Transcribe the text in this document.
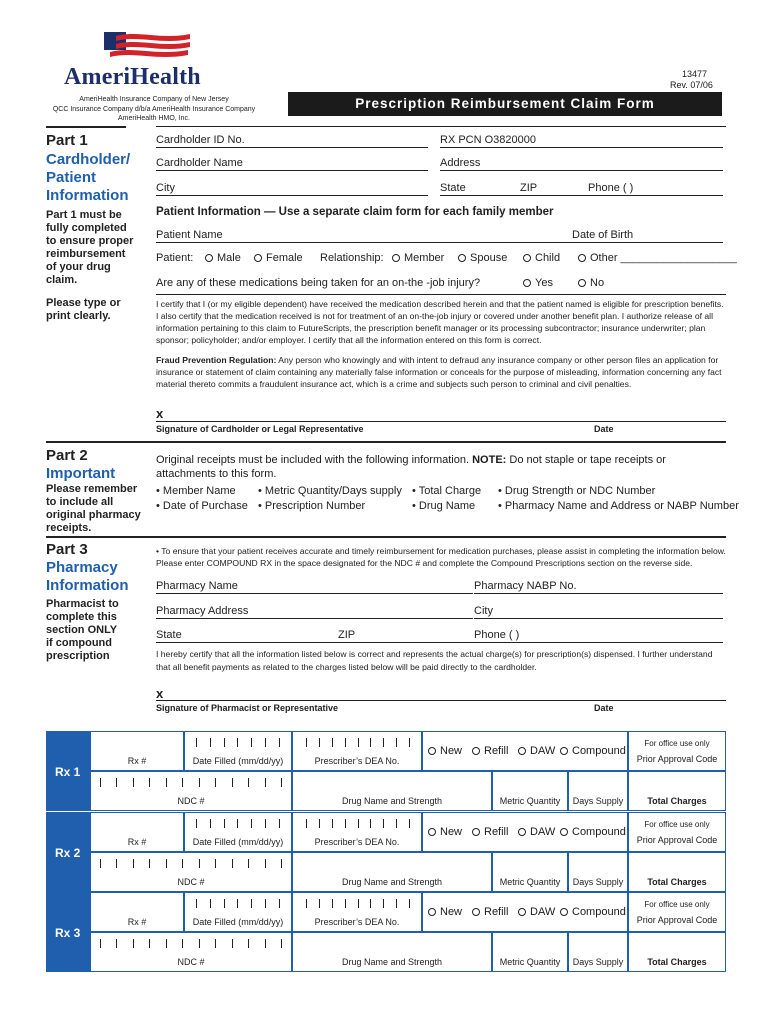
AmeriHealth
AmeriHealth Insurance Company of New Jersey
QCC Insurance Company d/b/a AmeriHealth Insurance Company
AmeriHealth HMO, Inc.
13477
Rev. 07/06
Prescription Reimbursement Claim Form
Part 1
Cardholder/
Patient
Information
Part 1 must be
fully completed
to ensure proper
reimbursement
of your drug
claim.
Please type or
print clearly.
Cardholder ID No.	RX PCN O3820000
Cardholder Name	Address
City	State	ZIP	Phone ( )
Patient Information — Use a separate claim form for each family member
Patient Name	Date of Birth
Patient:	Male	Female Relationship:	Member	Spouse	Child	Other ___________________
Are any of these medications being taken for an on-the -job injury?	Yes	No
I certify that I (or my eligible dependent) have received the medication described herein and that the patient named is eligible for prescription benefits. I also certify that the medication received is not for treatment of an on-the-job injury or covered under another benefit plan. I authorize release of all information pertaining to this claim to FutureScripts, the prescription benefit manager or its processing subcontractor; insurance underwriter; plan sponsor; policyholder; and/or employer. I certify that all the information entered on this form is correct.
Fraud Prevention Regulation: Any person who knowingly and with intent to defraud any insurance company or other person files an application for insurance or statement of claim containing any materially false information or conceals for the purpose of misleading, information concerning any fact material thereto commits a fraudulent insurance act, which is a crime and subjects such person to criminal and civil penalties.
x
Signature of Cardholder or Legal Representative	Date
Part 2
Important
Please remember
to include all
original pharmacy
receipts.
Original receipts must be included with the following information. NOTE: Do not staple or tape receipts or attachments to this form.
• Member Name • Metric Quantity/Days supply • Total Charge • Drug Strength or NDC Number
• Date of Purchase • Prescription Number	• Drug Name • Pharmacy Name and Address or NABP Number
Part 3
Pharmacy
Information
Pharmacist to
complete this
section ONLY
if compound
prescription
• To ensure that your patient receives accurate and timely reimbursement for medication purchases, please assist in completing the information below. Please enter COMPOUND RX in the space designated for the NDC # and complete the Compound Prescriptions section on the reverse side.
Pharmacy Name	Pharmacy NABP No.
Pharmacy Address	City
State	ZIP	Phone ( )
I hereby certify that all the information listed below is correct and represents the actual charge(s) for prescription(s) dispensed. I further understand that all benefit payments as related to the charges listed below will be paid directly to the cardholder.
x
Signature of Pharmacist or Representative	Date
Rx 1
Rx #	Date Filled (mm/dd/yy)	Prescriber’s DEA No.
New	Refill	DAW	Compound
For office use only
Prior Approval Code
NDC #	Drug Name and Strength	Metric Quantity	Days Supply	Total Charges
Rx 2
Rx #	Date Filled (mm/dd/yy)	Prescriber’s DEA No.
New	Refill	DAW	Compound
For office use only
Prior Approval Code
NDC #	Drug Name and Strength	Metric Quantity	Days Supply	Total Charges
Rx 3
Rx #	Date Filled (mm/dd/yy)	Prescriber’s DEA No.
New	Refill	DAW	Compound
For office use only
Prior Approval Code
NDC #	Drug Name and Strength	Metric Quantity	Days Supply	Total Charges
